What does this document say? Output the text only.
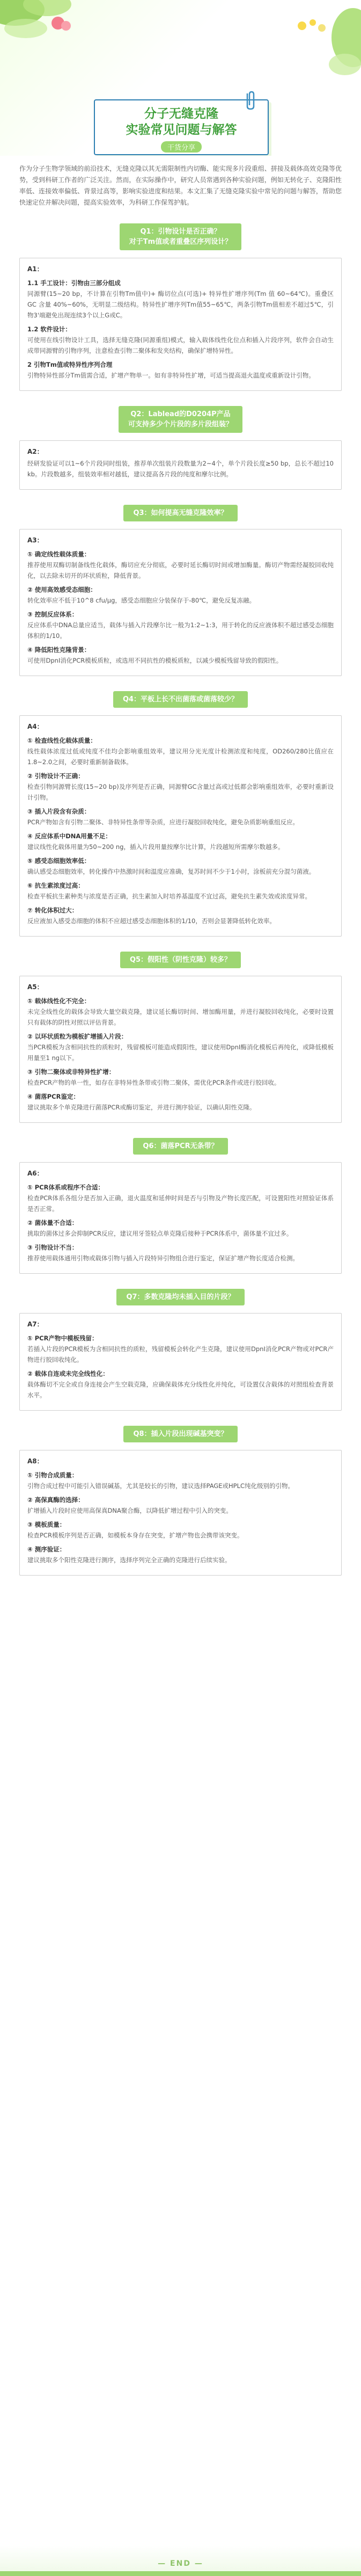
分子无缝克隆
实验常见问题与解答
干货分享
作为分子生物学领域的前沿技术，无缝克隆以其无需限制性内切酶、能实现多片段重组、拼接及载体高效克隆等优势，受到科研工作者的广泛关注。然而，在实际操作中，研究人员常遇到各种实验问题，例如无转化子、克隆阳性率低、连接效率偏低、背景过高等，影响实验进度和结果。本文汇集了无缝克隆实验中常见的问题与解答，帮助您快速定位并解决问题，提高实验效率，为科研工作保驾护航。
Q1：引物设计是否正确？
对于Tm值或者重叠区序列设计？
A1：
1.1 手工设计：引物由三部分组成
同源臂(15~20 bp，不计算在引物Tm值中)+ 酶切位点(可选)+ 特异性扩增序列(Tm 值 60~64℃)。重叠区 GC 含量 40%~60%，无明显二级结构。特异性扩增序列Tm值55~65℃，两条引物Tm值相差不超过5℃，引物3'端避免出现连续3个以上G或C。
1.2 软件设计：
可使用在线引物设计工具，选择无缝克隆(同源重组)模式，输入载体线性化位点和插入片段序列，软件会自动生成带同源臂的引物序列，注意检查引物二聚体和发夹结构，确保扩增特异性。
2 引物Tm值或特异性序列合理
引物特异性部分Tm值需合适，扩增产物单一。如有非特异性扩增，可适当提高退火温度或重新设计引物。
Q2：Lablead的D0204P产品
可支持多少个片段的多片段组装？
A2：
经研发验证可以1~6个片段同时组装，推荐单次组装片段数量为2~4个，单个片段长度≥50 bp，总长不超过10 kb。片段数越多，组装效率相对越低，建议提高各片段的纯度和摩尔比例。
Q3：如何提高无缝克隆效率？
A3：
① 确定线性载体质量：
推荐使用双酶切制备线性化载体，酶切应充分彻底，必要时延长酶切时间或增加酶量。酶切产物需经凝胶回收纯化，以去除未切开的环状质粒，降低背景。
② 使用高效感受态细胞：
转化效率应不低于10^8 cfu/μg，感受态细胞应分装保存于-80℃，避免反复冻融。
③ 控制反应体系：
反应体系中DNA总量应适当，载体与插入片段摩尔比一般为1:2~1:3，用于转化的反应液体积不超过感受态细胞体积的1/10。
④ 降低阳性克隆背景：
可使用DpnI消化PCR模板质粒，或选用不同抗性的模板质粒，以减少模板残留导致的假阳性。
Q4：平板上长不出菌落或菌落较少？
A4：
① 检查线性化载体质量：
线性载体浓度过低或纯度不佳均会影响重组效率，建议用分光光度计检测浓度和纯度，OD260/280比值应在1.8~2.0之间，必要时重新制备载体。
② 引物设计不正确：
检查引物同源臂长度(15~20 bp)及序列是否正确，同源臂GC含量过高或过低都会影响重组效率，必要时重新设计引物。
③ 插入片段含有杂质：
PCR产物如含有引物二聚体、非特异性条带等杂质，应进行凝胶回收纯化，避免杂质影响重组反应。
④ 反应体系中DNA用量不足：
建议线性化载体用量为50~200 ng，插入片段用量按摩尔比计算，片段越短所需摩尔数越多。
⑤ 感受态细胞效率低：
确认感受态细胞效率，转化操作中热激时间和温度应准确，复苏时间不少于1小时，涂板前充分混匀菌液。
⑥ 抗生素浓度过高：
检查平板抗生素种类与浓度是否正确，抗生素加入时培养基温度不宜过高，避免抗生素失效或浓度异常。
⑦ 转化体积过大：
反应液加入感受态细胞的体积不应超过感受态细胞体积的1/10，否则会显著降低转化效率。
Q5：假阳性（阴性克隆）较多？
A5：
① 载体线性化不完全：
未完全线性化的载体会导致大量空载克隆，建议延长酶切时间、增加酶用量，并进行凝胶回收纯化，必要时设置只有载体的阴性对照以评估背景。
② 以环状质粒为模板扩增插入片段：
当PCR模板为含相同抗性的质粒时，残留模板可能造成假阳性，建议使用DpnI酶消化模板后再纯化，或降低模板用量至1 ng以下。
③ 引物二聚体或非特异性扩增：
检查PCR产物的单一性，如存在非特异性条带或引物二聚体，需优化PCR条件或进行胶回收。
④ 菌落PCR鉴定：
建议挑取多个单克隆进行菌落PCR或酶切鉴定，并进行测序验证，以确认阳性克隆。
Q6：菌落PCR无条带？
A6：
① PCR体系或程序不合适：
检查PCR体系各组分是否加入正确，退火温度和延伸时间是否与引物及产物长度匹配，可设置阳性对照验证体系是否正常。
② 菌体量不合适：
挑取的菌体过多会抑制PCR反应，建议用牙签轻点单克隆后接种于PCR体系中，菌体量不宜过多。
③ 引物设计不当：
推荐使用载体通用引物或载体引物与插入片段特异引物组合进行鉴定，保证扩增产物长度适合检测。
Q7：多数克隆均未插入目的片段？
A7：
① PCR产物中模板残留：
若插入片段的PCR模板为含相同抗性的质粒，残留模板会转化产生克隆，建议使用DpnI消化PCR产物或对PCR产物进行胶回收纯化。
② 载体自连或未完全线性化：
载体酶切不完全或自身连接会产生空载克隆，应确保载体充分线性化并纯化，可设置仅含载体的对照组检查背景水平。
Q8：插入片段出现碱基突变？
A8：
① 引物合成质量：
引物合成过程中可能引入错误碱基，尤其是较长的引物，建议选择PAGE或HPLC纯化级别的引物。
② 高保真酶的选择：
扩增插入片段时应使用高保真DNA聚合酶，以降低扩增过程中引入的突变。
③ 模板质量：
检查PCR模板序列是否正确，如模板本身存在突变，扩增产物也会携带该突变。
④ 测序验证：
建议挑取多个阳性克隆进行测序，选择序列完全正确的克隆进行后续实验。
— END —
